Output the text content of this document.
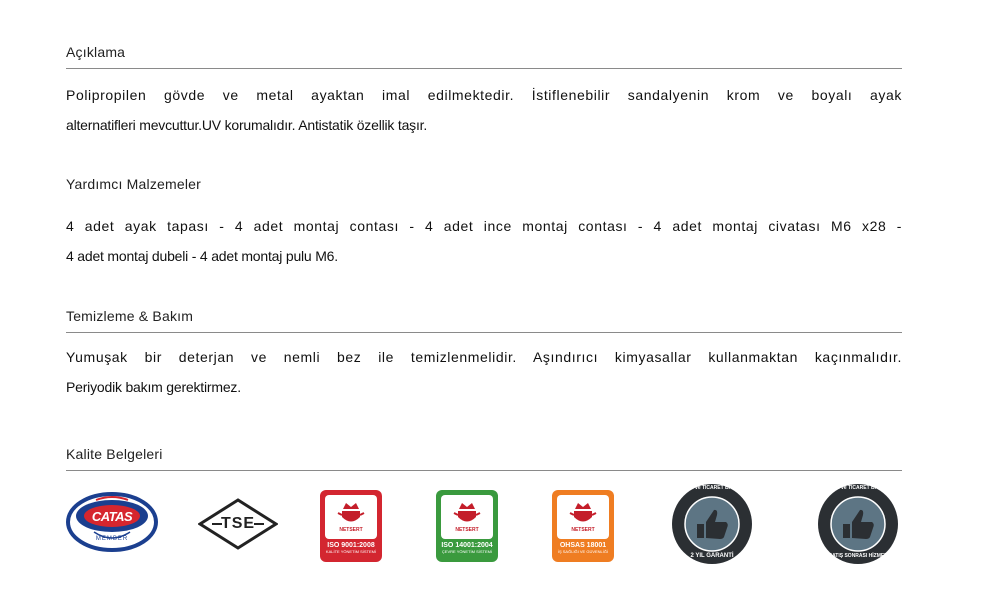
Açıklama
Polipropilen gövde ve metal ayaktan imal edilmektedir. İstiflenebilir sandalyenin krom ve boyalı ayak
alternatifleri mevcuttur.UV korumalıdır. Antistatik özellik taşır.
Yardımcı Malzemeler
4 adet ayak tapası - 4 adet montaj contası - 4 adet ince montaj contası - 4 adet montaj civatası M6 x28 -
4 adet montaj dubeli - 4 adet montaj pulu M6.
Temizleme & Bakım
Yumuşak bir deterjan ve nemli bez ile temizlenmelidir. Aşındırıcı kimyasallar kullanmaktan kaçınmalıdır.
Periyodik bakım gerektirmez.
Kalite Belgeleri
CATAS
MEMBER
TSE	NETSERT
ISO 9001:2008
KALİTE YÖNETİM SİSTEMİ
NETSERT
ISO 14001:2004
ÇEVRE YÖNETİM SİSTEMİ
NETSERT
OHSAS 18001
İŞ SAĞLIĞI VE GÜVENLİĞİ
GÜMRÜK ve TİCARET BAKANLIĞI
2 YIL GARANTİ
GÜMRÜK ve TİCARET BAKANLIĞI
SATIŞ SONRASI HİZMET
